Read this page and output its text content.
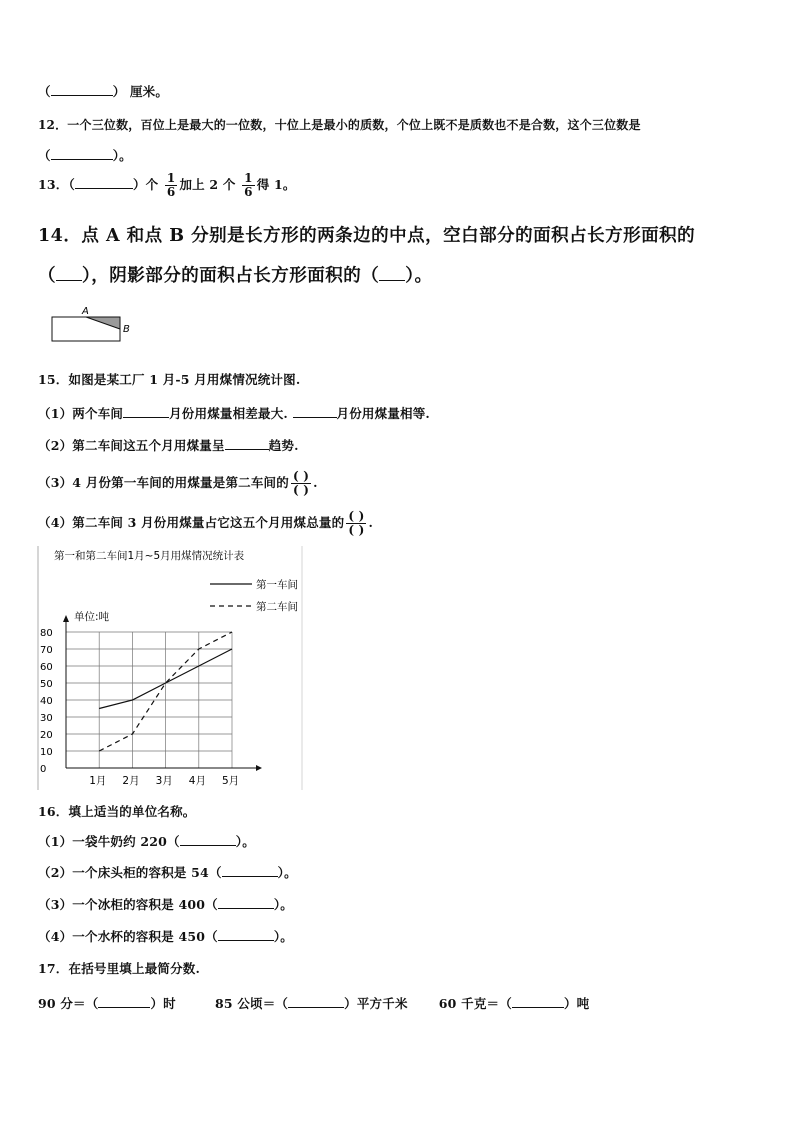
（	） 厘米。
12．一个三位数，百位上是最大的一位数，十位上是最小的质数，个位上既不是质数也不是合数，这个三位数是
（	）。
13．（	）个 $\frac{1}{6}$ 加上 2 个 $\frac{1}{6}$ 得 1。
14．点 A 和点 B 分别是长方形的两条边的中点，空白部分的面积占长方形面积的
（ ），阴影部分的面积占长方形面积的（ ）。
A
B
15．如图是某工厂 1 月-5 月用煤情况统计图.
（1）两个车间	月份用煤量相差最大.	月份用煤量相等.
（2）第二车间这五个月用煤量呈	趋势.
（3）4 月份第一车间的用煤量是第二车间的 $\frac{( )}{( )}$ .
（4）第二车间 3 月份用煤量占它这五个月用煤总量的 $\frac{( )}{( )}$ .
第一和第二车间1月~5月用煤情况统计表
第一车间
第二车间
单位:吨
0
10
20
30
40
50
60
70
80
1月 2月 3月 4月 5月
16．填上适当的单位名称。
（1）一袋牛奶约 220（	）。
（2）一个床头柜的容积是 54（	）。
（3）一个冰柜的容积是 400（	）。
（4）一个水杯的容积是 450（	）。
17．在括号里填上最简分数.
90 分＝（	）时	85 公顷＝（	）平方千米 60 千克＝（	）吨
